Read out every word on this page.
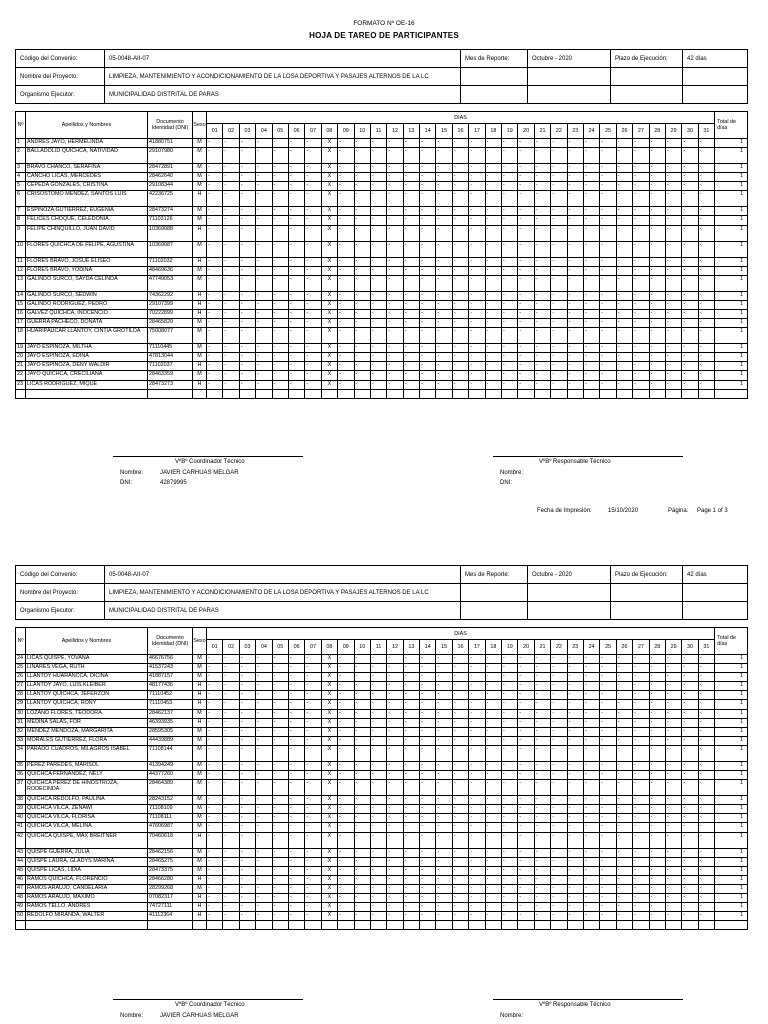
FORMATO Nº OE-16
HOJA DE TAREO DE PARTICIPANTES
Código del Convenio:	05-0048-AII-07	Mes de Reporte:	Octubre - 2020	Plazo de Ejecución:	42 días
Nombre del Proyecto:	LIMPIEZA, MANTENIMIENTO Y ACONDICIONAMIENTO DE LA LOSA DEPORTIVA Y PASAJES ALTERNOS DE LA LC				
Organismo Ejecutor:	MUNICIPALIDAD DISTRITAL DE PARAS				
Nº	Apellidos y Nombres	Documento Identidad (DNI)	Sexo	DIAS																															Total de días
				01	02	03	04	05	06	07	08	09	10	11	12	13	14	15	16	17	18	19	20	21	22	23	24	25	26	27	28	29	30	31	
1	ANDRES JAYO, HERMELINDA	41880751	M	-	-	-	-	-	-	-	X	-	-	-	-	-	-	-	-	-	-	-	-	-	-	-	-	-	-	-	-	-	-	-	1
2	BALLADOLID QUICHCA, NATIVIDAD	29107980	M	-	-	-	-	-	-	-	X	-	-	-	-	-	-	-	-	-	-	-	-	-	-	-	-	-	-	-	-	-	-	-	1
3	BRAVO CHANCO, SERAFINA	28472891	M	-	-	-	-	-	-	-	X	-	-	-	-	-	-	-	-	-	-	-	-	-	-	-	-	-	-	-	-	-	-	-	1
4	CANCHO LICAS, MERCEDES	28462640	M	-	-	-	-	-	-	-	X	-	-	-	-	-	-	-	-	-	-	-	-	-	-	-	-	-	-	-	-	-	-	-	1
5	CEPEDA GONZALES, CRISTINA	29108344	M	-	-	-	-	-	-	-	X	-	-	-	-	-	-	-	-	-	-	-	-	-	-	-	-	-	-	-	-	-	-	-	1
6	CRISOSTOMO MENDEZ, SANTOS LUIS	42236725	H	-	-	-	-	-	-	-	X	-	-	-	-	-	-	-	-	-	-	-	-	-	-	-	-	-	-	-	-	-	-	-	1
7	ESPINOZA GUTIERREZ, EUGENIA	28473274	M	-	-	-	-	-	-	-	X	-	-	-	-	-	-	-	-	-	-	-	-	-	-	-	-	-	-	-	-	-	-	-	1
8	FELICES CHOQUE, CELEDONIA	71103126	M	-	-	-	-	-	-	-	X	-	-	-	-	-	-	-	-	-	-	-	-	-	-	-	-	-	-	-	-	-	-	-	1
9	FELIPE CHINQUILLO, JUAN DAVID	10369088	H	-	-	-	-	-	-	-	X	-	-	-	-	-	-	-	-	-	-	-	-	-	-	-	-	-	-	-	-	-	-	-	1
10	FLORES QUICHCA DE FELIPE, AGUSTINA	10369087	M	-	-	-	-	-	-	-	X	-	-	-	-	-	-	-	-	-	-	-	-	-	-	-	-	-	-	-	-	-	-	-	1
11	FLORES BRAVO, JOSUE ELISEO	71102032	H	-	-	-	-	-	-	-	X	-	-	-	-	-	-	-	-	-	-	-	-	-	-	-	-	-	-	-	-	-	-	-	1
12	FLORES BRAVO, YODINA	48469636	M	-	-	-	-	-	-	-	X	-	-	-	-	-	-	-	-	-	-	-	-	-	-	-	-	-	-	-	-	-	-	-	1
13	GALINDO SURCO, SAYDA CELINDA	47749053	M	-	-	-	-	-	-	-	X	-	-	-	-	-	-	-	-	-	-	-	-	-	-	-	-	-	-	-	-	-	-	-	1
14	GALINDO SURCO, SEDWIN	74362292	H	-	-	-	-	-	-	-	X	-	-	-	-	-	-	-	-	-	-	-	-	-	-	-	-	-	-	-	-	-	-	-	1
15	GALINDO RODRIGUEZ, PEDRO	29107399	H	-	-	-	-	-	-	-	X	-	-	-	-	-	-	-	-	-	-	-	-	-	-	-	-	-	-	-	-	-	-	-	1
16	GALVEZ QUICHCA, INOCENCIO	70222899	H	-	-	-	-	-	-	-	X	-	-	-	-	-	-	-	-	-	-	-	-	-	-	-	-	-	-	-	-	-	-	-	1
17	GUERRA PACHECO, DONATA	28465820	M	-	-	-	-	-	-	-	X	-	-	-	-	-	-	-	-	-	-	-	-	-	-	-	-	-	-	-	-	-	-	-	1
18	HUARIPAUCAR LLANTOY, CINTIA GROTILDA	75008077	M	-	-	-	-	-	-	-	X	-	-	-	-	-	-	-	-	-	-	-	-	-	-	-	-	-	-	-	-	-	-	-	1
19	JAYO ESPINOZA, MILTHA	71110445	M	-	-	-	-	-	-	-	X	-	-	-	-	-	-	-	-	-	-	-	-	-	-	-	-	-	-	-	-	-	-	-	1
20	JAYO ESPINOZA, EDINA	47813044	M	-	-	-	-	-	-	-	X	-	-	-	-	-	-	-	-	-	-	-	-	-	-	-	-	-	-	-	-	-	-	-	1
21	JAYO ESPINOZA, DENY WALDIR	71102037	H	-	-	-	-	-	-	-	X	-	-	-	-	-	-	-	-	-	-	-	-	-	-	-	-	-	-	-	-	-	-	-	1
22	JAYO QUICHCA, CRECILIANA	28463359	M	-	-	-	-	-	-	-	X	-	-	-	-	-	-	-	-	-	-	-	-	-	-	-	-	-	-	-	-	-	-	-	1
23	LICAS RODRIGUEZ, MIQUE	28473273	H	-	-	-	-	-	-	-	X	-	-	-	-	-	-	-	-	-	-	-	-	-	-	-	-	-	-	-	-	-	-	-	1

VºBº Coordinador Técnico
Nombre:	JAVIER CARHUAS MELGAR
DNI:	42879995
VºBº Responsable Técnico
Nombre:
DNI:
Fecha de Impresión:	15/10/2020	Página: Page 1 of 3
Código del Convenio:	05-0048-AII-07	Mes de Reporte:	Octubre - 2020	Plazo de Ejecución:	42 días
Nombre del Proyecto:	LIMPIEZA, MANTENIMIENTO Y ACONDICIONAMIENTO DE LA LOSA DEPORTIVA Y PASAJES ALTERNOS DE LA LC				
Organismo Ejecutor:	MUNICIPALIDAD DISTRITAL DE PARAS				
Nº	Apellidos y Nombres	Documento Identidad (DNI)	Sexo	DIAS																															Total de días
				01	02	03	04	05	06	07	08	09	10	11	12	13	14	15	16	17	18	19	20	21	22	23	24	25	26	27	28	29	30	31	
24	LICAS QUISPE, YOVANA	46676756	M	-	-	-	-	-	-	-	X	-	-	-	-	-	-	-	-	-	-	-	-	-	-	-	-	-	-	-	-	-	-	-	1
25	LINARES VEGA, RUTH	41537243	M	-	-	-	-	-	-	-	X	-	-	-	-	-	-	-	-	-	-	-	-	-	-	-	-	-	-	-	-	-	-	-	1
26	LLANTOY HUARANCCA, DICINA	41887157	M	-	-	-	-	-	-	-	X	-	-	-	-	-	-	-	-	-	-	-	-	-	-	-	-	-	-	-	-	-	-	-	1
27	LLANTOY JAYO, LUIS KLEIBER	48177436	H	-	-	-	-	-	-	-	X	-	-	-	-	-	-	-	-	-	-	-	-	-	-	-	-	-	-	-	-	-	-	-	1
28	LLANTOY QUICHCA, JEFERZON	71110452	H	-	-	-	-	-	-	-	X	-	-	-	-	-	-	-	-	-	-	-	-	-	-	-	-	-	-	-	-	-	-	-	1
29	LLANTOY QUICHCA, RONY	71110453	H	-	-	-	-	-	-	-	X	-	-	-	-	-	-	-	-	-	-	-	-	-	-	-	-	-	-	-	-	-	-	-	1
30	LOZANO FLORES, TEODORA	28462137	M	-	-	-	-	-	-	-	X	-	-	-	-	-	-	-	-	-	-	-	-	-	-	-	-	-	-	-	-	-	-	-	1
31	MEDINA SALAS, FOR	46393935	H	-	-	-	-	-	-	-	X	-	-	-	-	-	-	-	-	-	-	-	-	-	-	-	-	-	-	-	-	-	-	-	1
32	MENDEZ MENDOZA, MARGARITA	28595305	M	-	-	-	-	-	-	-	X	-	-	-	-	-	-	-	-	-	-	-	-	-	-	-	-	-	-	-	-	-	-	-	1
33	MORALES GUTIERREZ, FLORA	44439889	M	-	-	-	-	-	-	-	X	-	-	-	-	-	-	-	-	-	-	-	-	-	-	-	-	-	-	-	-	-	-	-	1
34	PARADO CUADROS, MILAGROS ISABEL	71108144	M	-	-	-	-	-	-	-	X	-	-	-	-	-	-	-	-	-	-	-	-	-	-	-	-	-	-	-	-	-	-	-	1
35	PEREZ PAREDES, MARISOL	41394249	M	-	-	-	-	-	-	-	X	-	-	-	-	-	-	-	-	-	-	-	-	-	-	-	-	-	-	-	-	-	-	-	1
36	QUICHCA FERNANDEZ, NELY	44377260	M	-	-	-	-	-	-	-	X	-	-	-	-	-	-	-	-	-	-	-	-	-	-	-	-	-	-	-	-	-	-	-	1
37	QUICHCA PEREZ DE HINOSTROZA, RODECINDA	28464389	M	-	-	-	-	-	-	-	X	-	-	-	-	-	-	-	-	-	-	-	-	-	-	-	-	-	-	-	-	-	-	-	1
38	QUICHCA REDOLFO, PAULINA	28243152	M	-	-	-	-	-	-	-	X	-	-	-	-	-	-	-	-	-	-	-	-	-	-	-	-	-	-	-	-	-	-	-	1
39	QUICHCA VILCA, ZENAWI	71108109	M	-	-	-	-	-	-	-	X	-	-	-	-	-	-	-	-	-	-	-	-	-	-	-	-	-	-	-	-	-	-	-	1
40	QUICHCA VILCA, FLORISA	71108111	M	-	-	-	-	-	-	-	X	-	-	-	-	-	-	-	-	-	-	-	-	-	-	-	-	-	-	-	-	-	-	-	1
41	QUICHCA VILCA, MELINA	47606987	M	-	-	-	-	-	-	-	X	-	-	-	-	-	-	-	-	-	-	-	-	-	-	-	-	-	-	-	-	-	-	-	1
42	QUICHCA QUISPE, MAX BREITNER	70460618	H	-	-	-	-	-	-	-	X	-	-	-	-	-	-	-	-	-	-	-	-	-	-	-	-	-	-	-	-	-	-	-	1
43	QUISPE GUERRA, JULIA	28462156	M	-	-	-	-	-	-	-	X	-	-	-	-	-	-	-	-	-	-	-	-	-	-	-	-	-	-	-	-	-	-	-	1
44	QUISPE LAURA, GLADYS MARINA	28465275	M	-	-	-	-	-	-	-	X	-	-	-	-	-	-	-	-	-	-	-	-	-	-	-	-	-	-	-	-	-	-	-	1
45	QUISPE LICAS, LIDIA	28473375	M	-	-	-	-	-	-	-	X	-	-	-	-	-	-	-	-	-	-	-	-	-	-	-	-	-	-	-	-	-	-	-	1
46	RAMOS QUICHCA, FLORENCIO	28466280	H	-	-	-	-	-	-	-	X	-	-	-	-	-	-	-	-	-	-	-	-	-	-	-	-	-	-	-	-	-	-	-	1
47	RAMOS ARAUJO, CANDELARIA	28299268	M	-	-	-	-	-	-	-	X	-	-	-	-	-	-	-	-	-	-	-	-	-	-	-	-	-	-	-	-	-	-	-	1
48	RAMOS ARAUJO, MAXIMO	07082317	H	-	-	-	-	-	-	-	X	-	-	-	-	-	-	-	-	-	-	-	-	-	-	-	-	-	-	-	-	-	-	-	1
49	RAMOS TELLO, ANDRES	74727111	H	-	-	-	-	-	-	-	X	-	-	-	-	-	-	-	-	-	-	-	-	-	-	-	-	-	-	-	-	-	-	-	1
50	REDOLFO MIRANDA, WALTER	41112364	H	-	-	-	-	-	-	-	X	-	-	-	-	-	-	-	-	-	-	-	-	-	-	-	-	-	-	-	-	-	-	-	1

VºBº Coordinador Técnico
Nombre:	JAVIER CARHUAS MELGAR
VºBº Responsable Técnico
Nombre:
